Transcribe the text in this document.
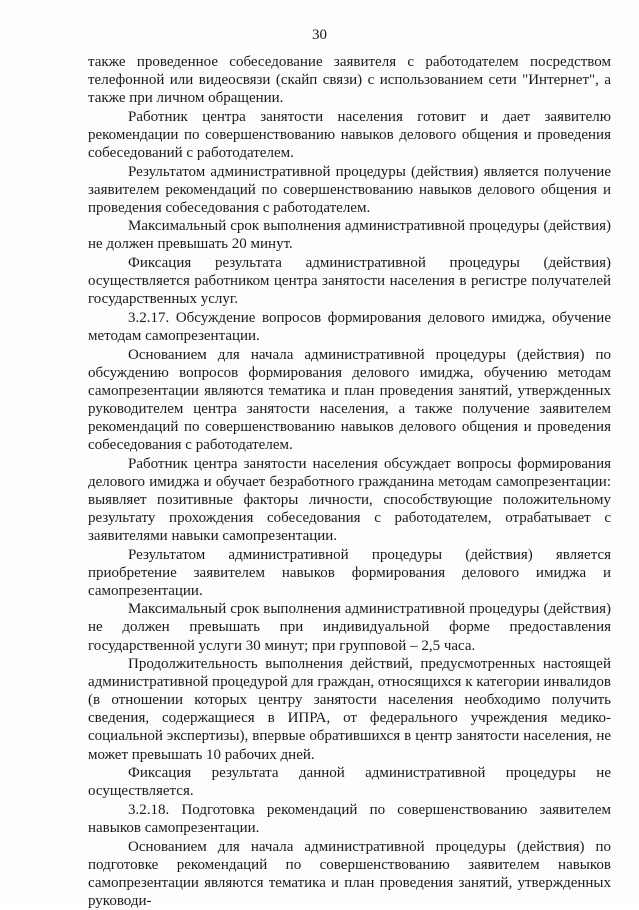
30

также проведенное собеседование заявителя с работодателем посредством телефонной или видеосвязи (скайп связи) с использованием сети "Интернет", а также при личном обращении.

Работник центра занятости населения готовит и дает заявителю рекомендации по совершенствованию навыков делового общения и проведения собеседований с работодателем.

Результатом административной процедуры (действия) является получение заявителем рекомендаций по совершенствованию навыков делового общения и проведения собеседования с работодателем.

Максимальный срок выполнения административной процедуры (действия) не должен превышать 20 минут.

Фиксация результата административной процедуры (действия) осуществляется работником центра занятости населения в регистре получателей государственных услуг.

3.2.17. Обсуждение вопросов формирования делового имиджа, обучение методам самопрезентации.

Основанием для начала административной процедуры (действия) по обсуждению вопросов формирования делового имиджа, обучению методам самопрезентации являются тематика и план проведения занятий, утвержденных руководителем центра занятости населения, а также получение заявителем рекомендаций по совершенствованию навыков делового общения и проведения собеседования с работодателем.

Работник центра занятости населения обсуждает вопросы формирования делового имиджа и обучает безработного гражданина методам самопрезентации: выявляет позитивные факторы личности, способствующие положительному результату прохождения собеседования с работодателем, отрабатывает с заявителями навыки самопрезентации.

Результатом административной процедуры (действия) является приобретение заявителем навыков формирования делового имиджа и самопрезентации.

Максимальный срок выполнения административной процедуры (действия) не должен превышать при индивидуальной форме предоставления государственной услуги 30 минут; при групповой – 2,5 часа.

Продолжительность выполнения действий, предусмотренных настоящей административной процедурой для граждан, относящихся к категории инвалидов (в отношении которых центру занятости населения необходимо получить сведения, содержащиеся в ИПРА, от федерального учреждения медико-социальной экспертизы), впервые обратившихся в центр занятости населения, не может превышать 10 рабочих дней.

Фиксация результата данной административной процедуры не осуществляется.

3.2.18. Подготовка рекомендаций по совершенствованию заявителем навыков самопрезентации.

Основанием для начала административной процедуры (действия) по подготовке рекомендаций по совершенствованию заявителем навыков самопрезентации являются тематика и план проведения занятий, утвержденных руководи-
